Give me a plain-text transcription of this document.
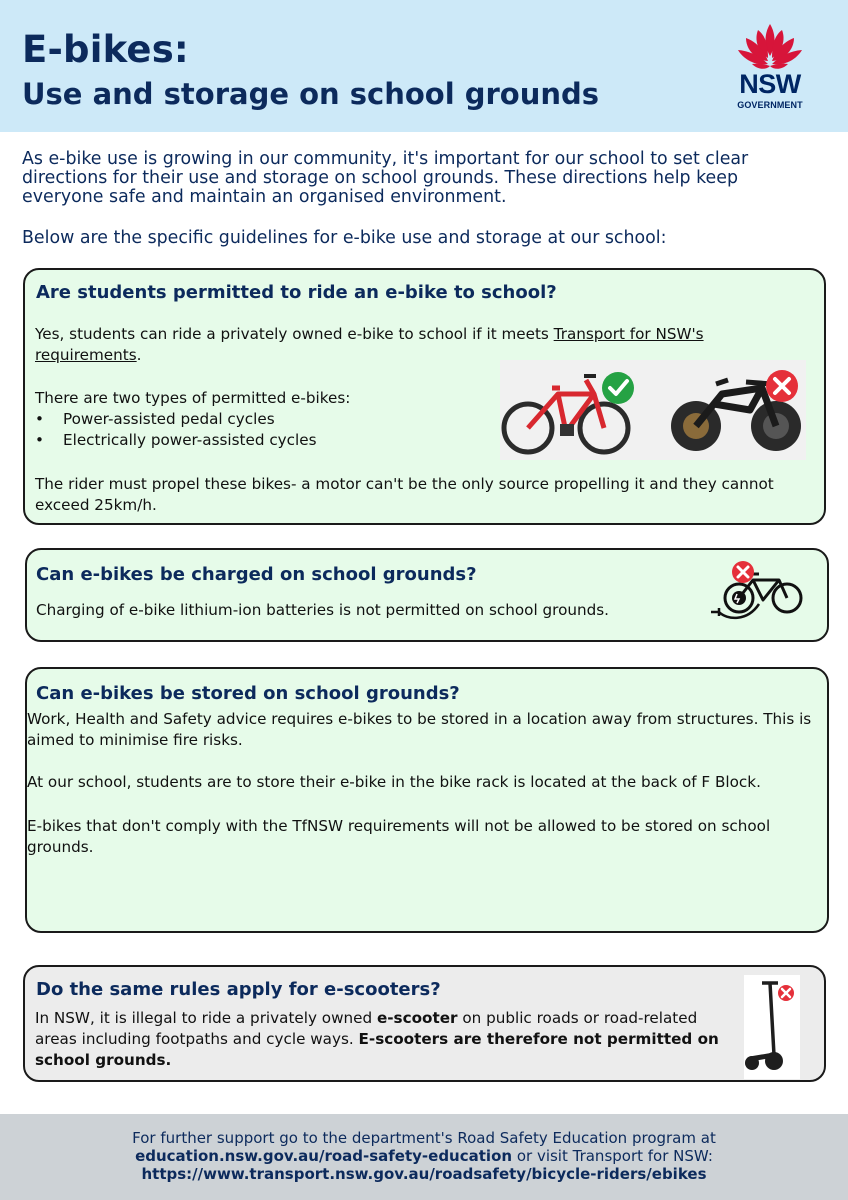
E-bikes:
Use and storage on school grounds	NSW
GOVERNMENT
As e-bike use is growing in our community, it's important for our school to set clear directions for their use and storage on school grounds. These directions help keep everyone safe and maintain an organised environment.
Below are the specific guidelines for e-bike use and storage at our school:
Are students permitted to ride an e-bike to school?
Yes, students can ride a privately owned e-bike to school if it meets Transport for NSW's requirements.
There are two types of permitted e-bikes:
• Power-assisted pedal cycles
• Electrically power-assisted cycles
The rider must propel these bikes- a motor can't be the only source propelling it and they cannot exceed 25km/h.
Can e-bikes be charged on school grounds?
Charging of e-bike lithium-ion batteries is not permitted on school grounds.
Can e-bikes be stored on school grounds?
Work, Health and Safety advice requires e-bikes to be stored in a location away from structures. This is aimed to minimise fire risks.
At our school, students are to store their e-bike in the bike rack is located at the back of F Block.
E-bikes that don't comply with the TfNSW requirements will not be allowed to be stored on school grounds.
Do the same rules apply for e-scooters?
In NSW, it is illegal to ride a privately owned e-scooter on public roads or road-related areas including footpaths and cycle ways. E-scooters are therefore not permitted on school grounds.
For further support go to the department's Road Safety Education program at
education.nsw.gov.au/road-safety-education or visit Transport for NSW:
https://www.transport.nsw.gov.au/roadsafety/bicycle-riders/ebikes
